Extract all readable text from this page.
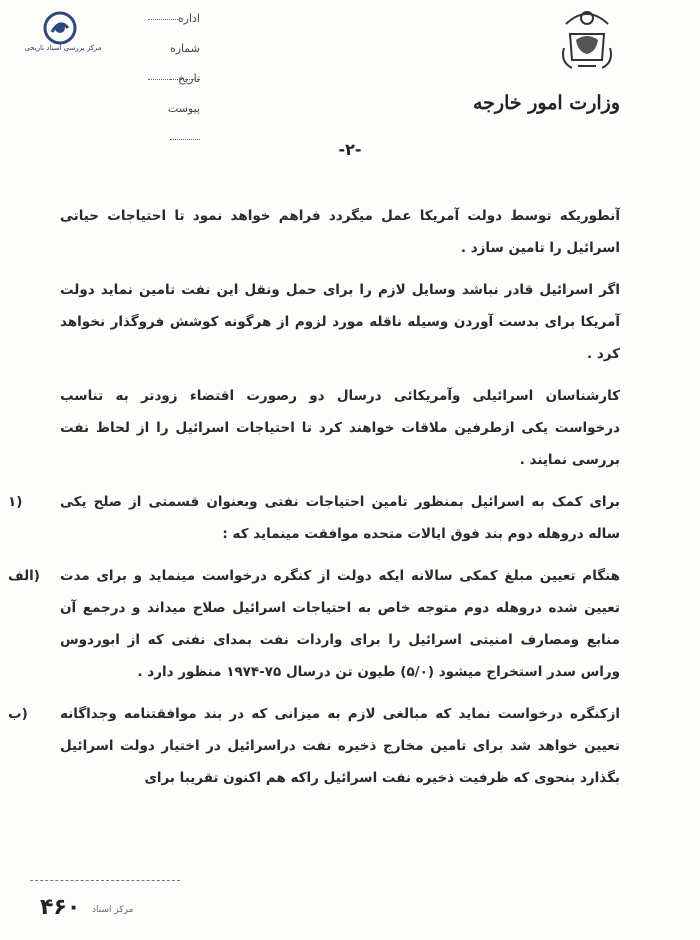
مرکز بررسی اسناد تاریخی
اداره
شماره
تاریخ
پیوست	وزارت امور خارجه
-۲-

آنطوریکه توسط دولت آمریکا عمل میگردد فراهم خواهد نمود تا احتیاجات حیاتی اسرائیل را تامین سازد .

اگر اسرائیل قادر نباشد وسایل لازم را برای حمل ونقل این نفت تامین نماید دولت آمریکا برای بدست آوردن وسیله ناقله مورد لزوم از هرگونه کوشش فروگذار نخواهد کرد .

کارشناسان اسرائیلی وآمریکائی درسال دو رصورت اقتضاء زودتر به تناسب درخواست یکی ازطرفین ملاقات خواهند کرد تا احتیاجات اسرائیل را از لحاظ نفت بررسی نمایند .

(۱	برای کمک به اسرائیل بمنظور تامین احتیاجات نفتی وبعنوان قسمتی از صلح یکی ساله دروهله دوم بند فوق ایالات متحده موافقت مینماید که :

(الف هنگام تعیین مبلغ کمکی سالانه ایکه دولت از کنگره درخواست مینماید و برای مدت تعیین شده دروهله دوم متوجه خاص به احتیاجات اسرائیل صلاح میداند و درجمع آن منابع ومصارف امنیتی اسرائیل را برای واردات نفت بمدای نفتی که از ابوردوس وراس سدر استخراج میشود (۵/۰) طیون تن درسال ۷۵-۱۹۷۴ منظور دارد .

(ب ازکنگره درخواست نماید که مبالغی لازم به میزانی که در بند موافقتنامه وجداگانه تعیین خواهد شد برای تامین مخارج ذخیره نفت دراسرائیل در اختیار دولت اسرائیل بگذارد بنحوی که ظرفیت ذخیره نفت اسرائیل راکه هم اکنون تقریبا برای

۴۶۰ مرکز اسناد
